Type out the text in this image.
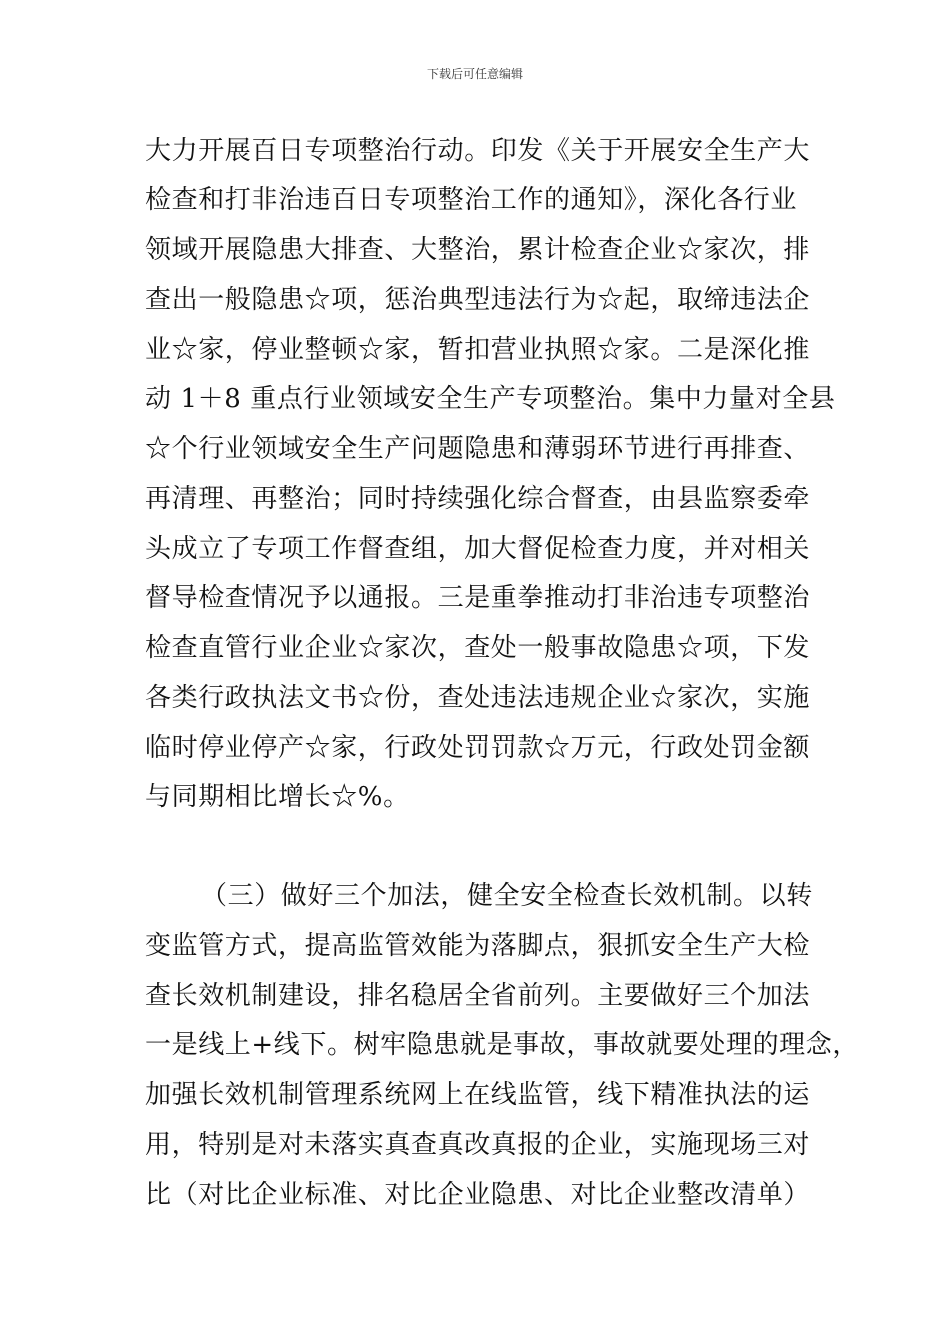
下载后可任意编辑
大力开展百日专项整治行动。印发《关于开展安全生产大
检查和打非治违百日专项整治工作的通知》，深化各行业
领域开展隐患大排查、大整治，累计检查企业☆家次，排
查出一般隐患☆项，惩治典型违法行为☆起，取缔违法企
业☆家，停业整顿☆家，暂扣营业执照☆家。二是深化推
动 1＋8 重点行业领域安全生产专项整治。集中力量对全县
☆个行业领域安全生产问题隐患和薄弱环节进行再排查、
再清理、再整治；同时持续强化综合督查，由县监察委牵
头成立了专项工作督查组，加大督促检查力度，并对相关
督导检查情况予以通报。三是重拳推动打非治违专项整治
检查直管行业企业☆家次，查处一般事故隐患☆项，下发
各类行政执法文书☆份，查处违法违规企业☆家次，实施
临时停业停产☆家，行政处罚罚款☆万元，行政处罚金额
与同期相比增长☆%。
（三）做好三个加法，健全安全检查长效机制。以转
变监管方式，提高监管效能为落脚点，狠抓安全生产大检
查长效机制建设，排名稳居全省前列。主要做好三个加法
一是线上+线下。树牢隐患就是事故，事故就要处理的理念，
加强长效机制管理系统网上在线监管，线下精准执法的运
用，特别是对未落实真查真改真报的企业，实施现场三对
比（对比企业标准、对比企业隐患、对比企业整改清单）
